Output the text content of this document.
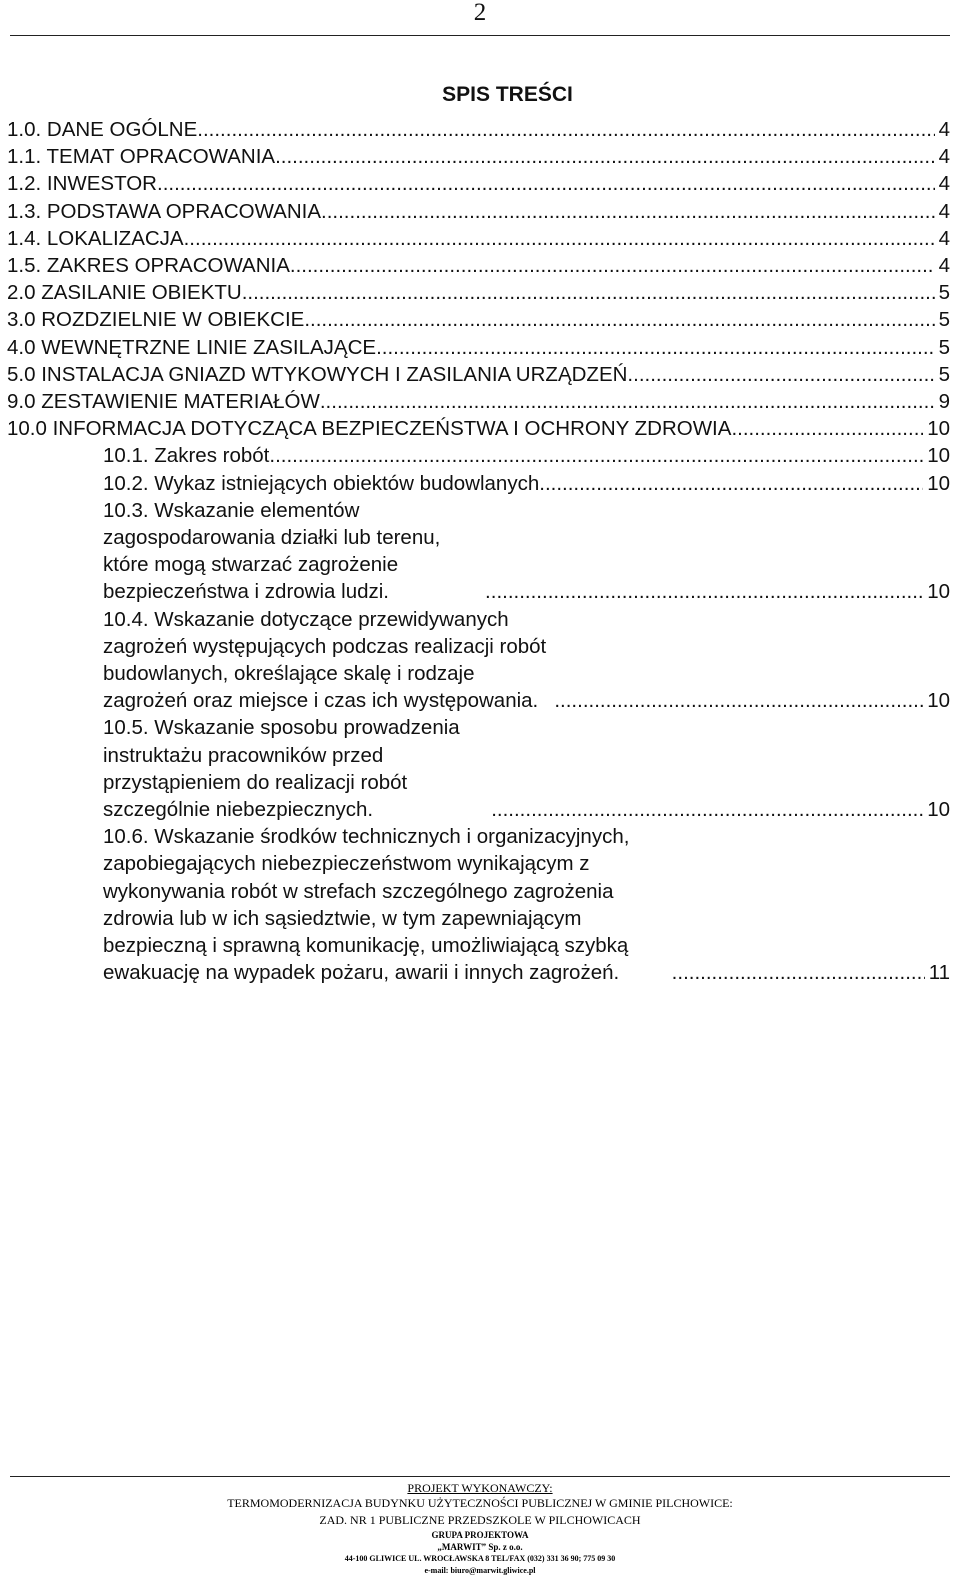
2
SPIS TREŚCI
1.0. DANE OGÓLNE .....	4
1.1. TEMAT OPRACOWANIA .....	4
1.2. INWESTOR .....	4
1.3. PODSTAWA OPRACOWANIA .....	4
1.4. LOKALIZACJA .....	4
1.5. ZAKRES OPRACOWANIA .....	4
2.0 ZASILANIE OBIEKTU .....	5
3.0 ROZDZIELNIE W OBIEKCIE .....	5
4.0 WEWNĘTRZNE LINIE ZASILAJĄCE .....	5
5.0 INSTALACJA GNIAZD WTYKOWYCH I ZASILANIA URZĄDZEŃ .....	5
9.0 ZESTAWIENIE MATERIAŁÓW .....	9
10.0 INFORMACJA DOTYCZĄCA BEZPIECZEŃSTWA I OCHRONY ZDROWIA .....	10
10.1. Zakres robót. .....	10
10.2. Wykaz istniejących obiektów budowlanych. .....	10
10.3. Wskazanie elementów zagospodarowania działki lub terenu, które mogą stwarzać zagrożenie bezpieczeństwa i zdrowia ludzi. .....	10
10.4. Wskazanie dotyczące przewidywanych zagrożeń występujących podczas realizacji robót budowlanych, określające skalę i rodzaje zagrożeń oraz miejsce i czas ich występowania. .....	10
10.5. Wskazanie sposobu prowadzenia instruktażu pracowników przed przystąpieniem do realizacji robót szczególnie niebezpiecznych. .....	10
10.6. Wskazanie środków technicznych i organizacyjnych, zapobiegających niebezpieczeństwom wynikającym z wykonywania robót w strefach szczególnego zagrożenia zdrowia lub w ich sąsiedztwie, w tym zapewniającym bezpieczną i sprawną komunikację, umożliwiającą szybką ewakuację na wypadek pożaru, awarii i innych zagrożeń. .....	11
PROJEKT WYKONAWCZY:
TERMOMODERNIZACJA BUDYNKU UŻYTECZNOŚCI PUBLICZNEJ W GMINIE PILCHOWICE:
ZAD. NR 1 PUBLICZNE PRZEDSZKOLE W PILCHOWICACH
GRUPA PROJEKTOWA
„MARWIT” Sp. z o.o.
44-100 GLIWICE UL. WROCŁAWSKA 8 TEL/FAX (032) 331 36 90; 775 09 30
e-mail: biuro@marwit.gliwice.pl
